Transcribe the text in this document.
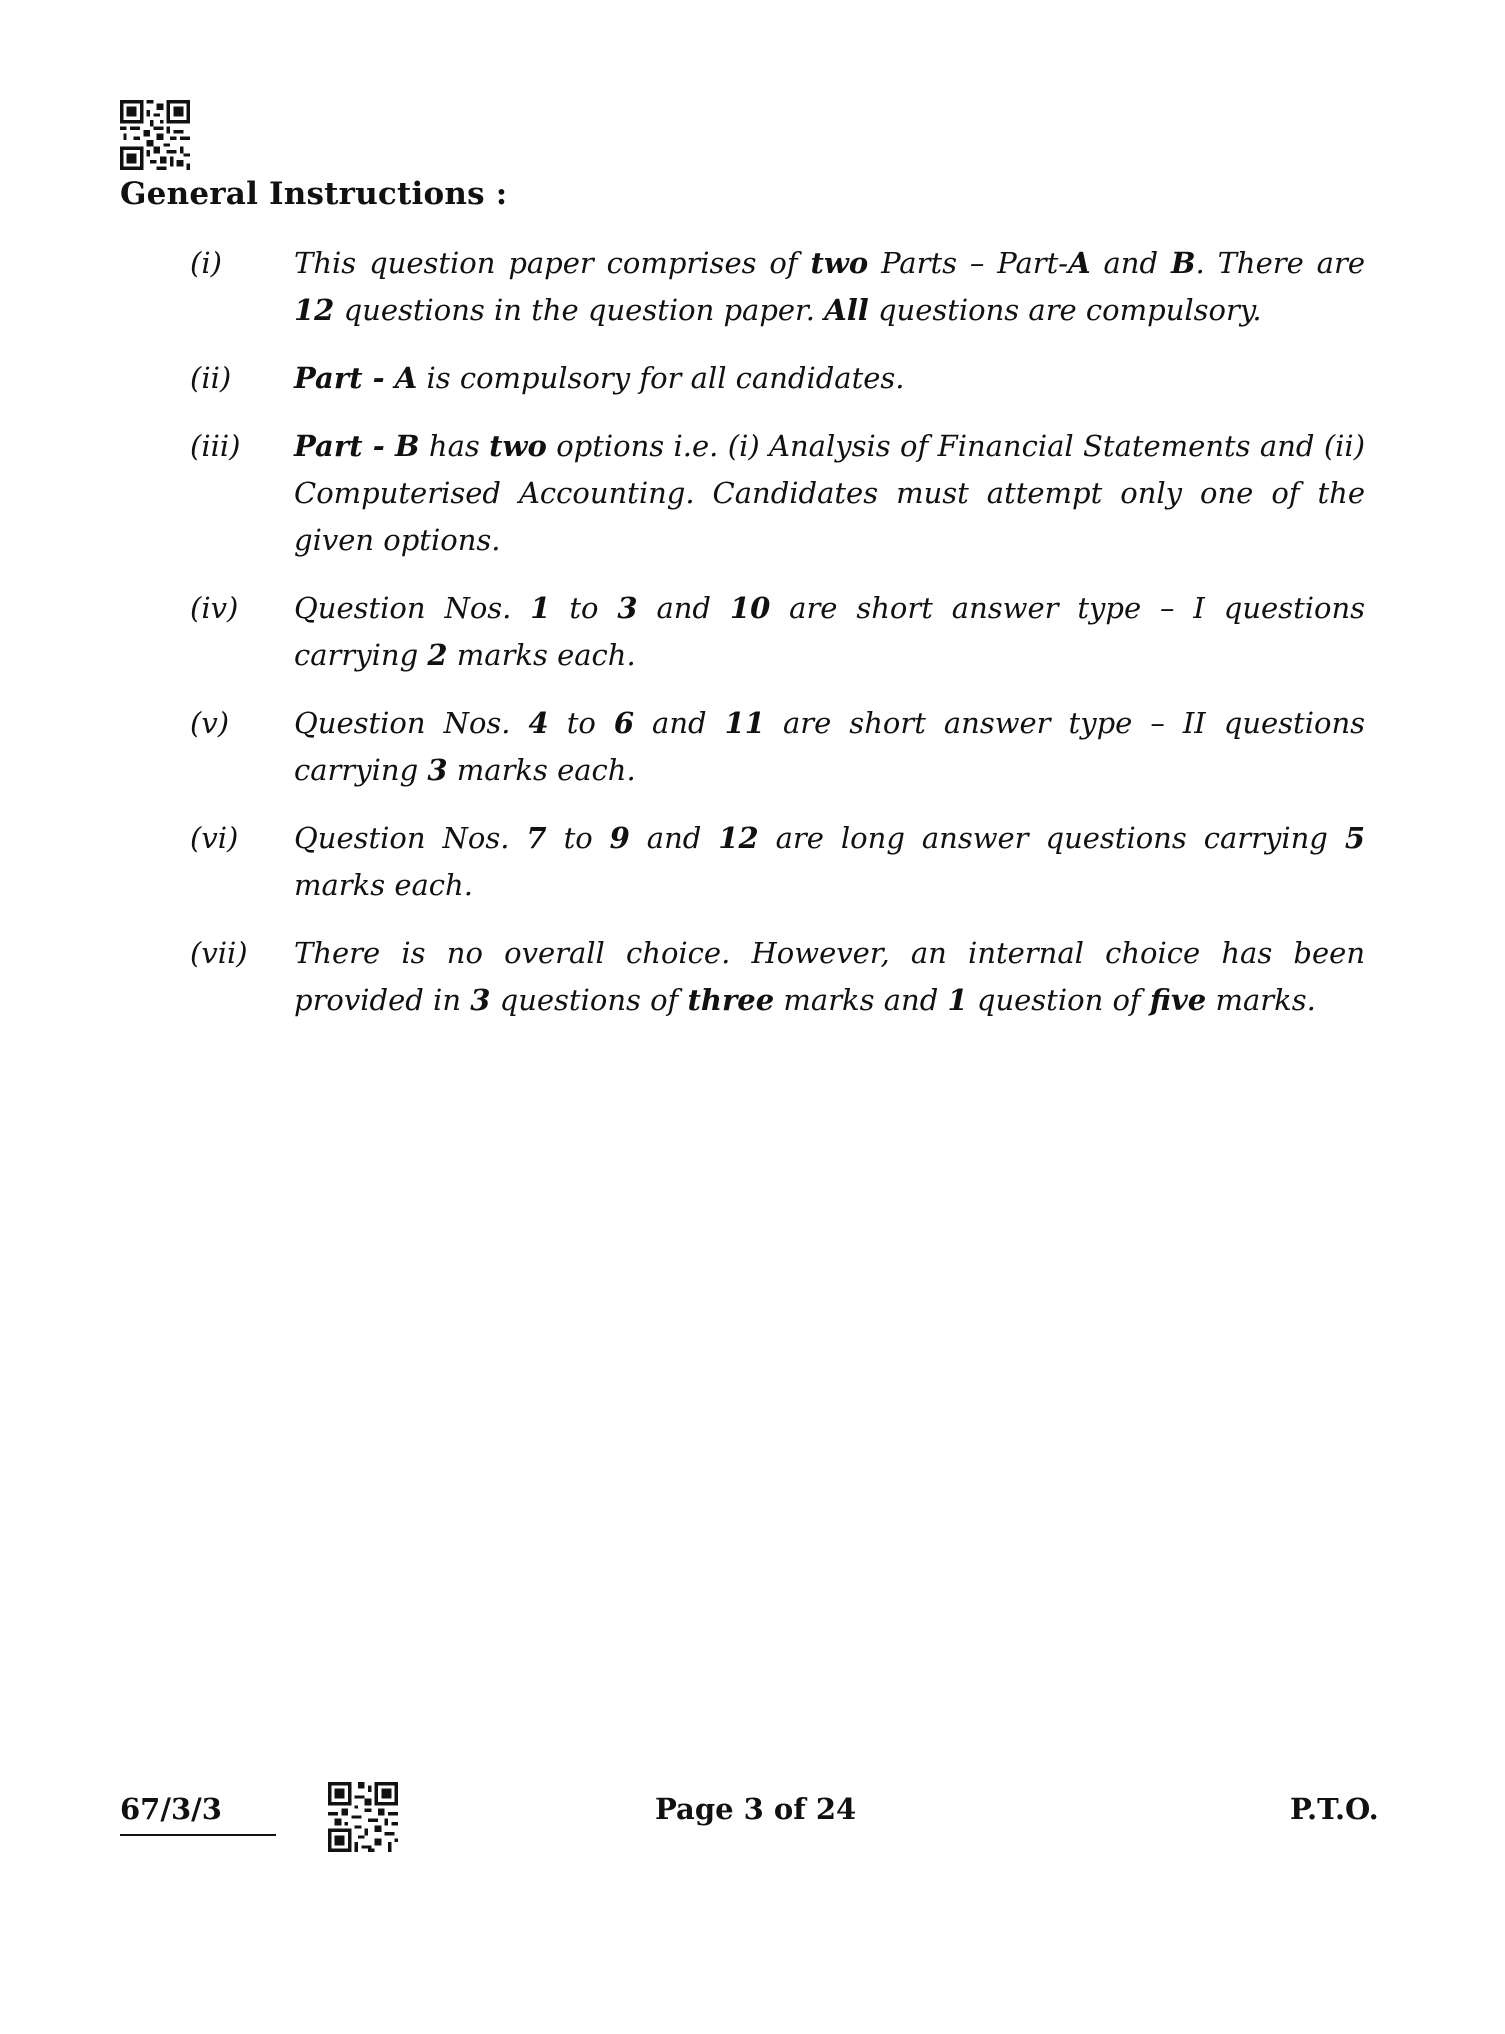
General Instructions :
(i)	This question paper comprises of two Parts – Part-A and B. There are 12 questions in the question paper. All questions are compulsory.
(ii)	Part - A is compulsory for all candidates.
(iii)	Part - B has two options i.e. (i) Analysis of Financial Statements and (ii) Computerised Accounting. Candidates must attempt only one of the given options.
(iv)	Question Nos. 1 to 3 and 10 are short answer type – I questions carrying 2 marks each.
(v)	Question Nos. 4 to 6 and 11 are short answer type – II questions carrying 3 marks each.
(vi)	Question Nos. 7 to 9 and 12 are long answer questions carrying 5 marks each.
(vii)	There is no overall choice. However, an internal choice has been provided in 3 questions of three marks and 1 question of five marks.
67/3/3	Page 3 of 24	P.T.O.
